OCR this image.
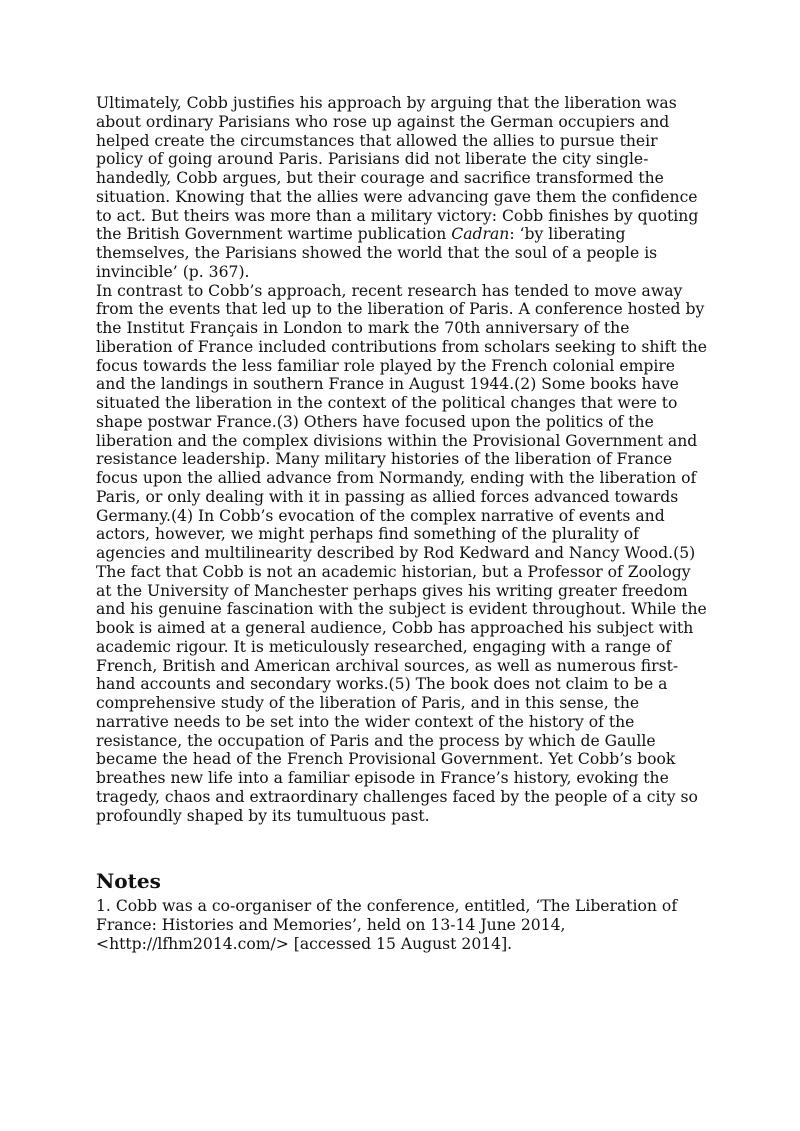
Ultimately, Cobb justifies his approach by arguing that the liberation was about ordinary Parisians who rose up against the German occupiers and helped create the circumstances that allowed the allies to pursue their policy of going around Paris. Parisians did not liberate the city single-handedly, Cobb argues, but their courage and sacrifice transformed the situation. Knowing that the allies were advancing gave them the confidence to act. But theirs was more than a military victory: Cobb finishes by quoting the British Government wartime publication Cadran: ‘by liberating themselves, the Parisians showed the world that the soul of a people is invincible’ (p. 367).

In contrast to Cobb’s approach, recent research has tended to move away from the events that led up to the liberation of Paris. A conference hosted by the Institut Français in London to mark the 70th anniversary of the liberation of France included contributions from scholars seeking to shift the focus towards the less familiar role played by the French colonial empire and the landings in southern France in August 1944.(2) Some books have situated the liberation in the context of the political changes that were to shape postwar France.(3) Others have focused upon the politics of the liberation and the complex divisions within the Provisional Government and resistance leadership. Many military histories of the liberation of France focus upon the allied advance from Normandy, ending with the liberation of Paris, or only dealing with it in passing as allied forces advanced towards Germany.(4) In Cobb’s evocation of the complex narrative of events and actors, however, we might perhaps find something of the plurality of agencies and multilinearity described by Rod Kedward and Nancy Wood.(5)

The fact that Cobb is not an academic historian, but a Professor of Zoology at the University of Manchester perhaps gives his writing greater freedom and his genuine fascination with the subject is evident throughout. While the book is aimed at a general audience, Cobb has approached his subject with academic rigour. It is meticulously researched, engaging with a range of French, British and American archival sources, as well as numerous first-hand accounts and secondary works.(5) The book does not claim to be a comprehensive study of the liberation of Paris, and in this sense, the narrative needs to be set into the wider context of the history of the resistance, the occupation of Paris and the process by which de Gaulle became the head of the French Provisional Government. Yet Cobb’s book breathes new life into a familiar episode in France’s history, evoking the tragedy, chaos and extraordinary challenges faced by the people of a city so profoundly shaped by its tumultuous past.

Notes

1. Cobb was a co-organiser of the conference, entitled, ‘The Liberation of France: Histories and Memories’, held on 13-14 June 2014, <http://lfhm2014.com/> [accessed 15 August 2014].
